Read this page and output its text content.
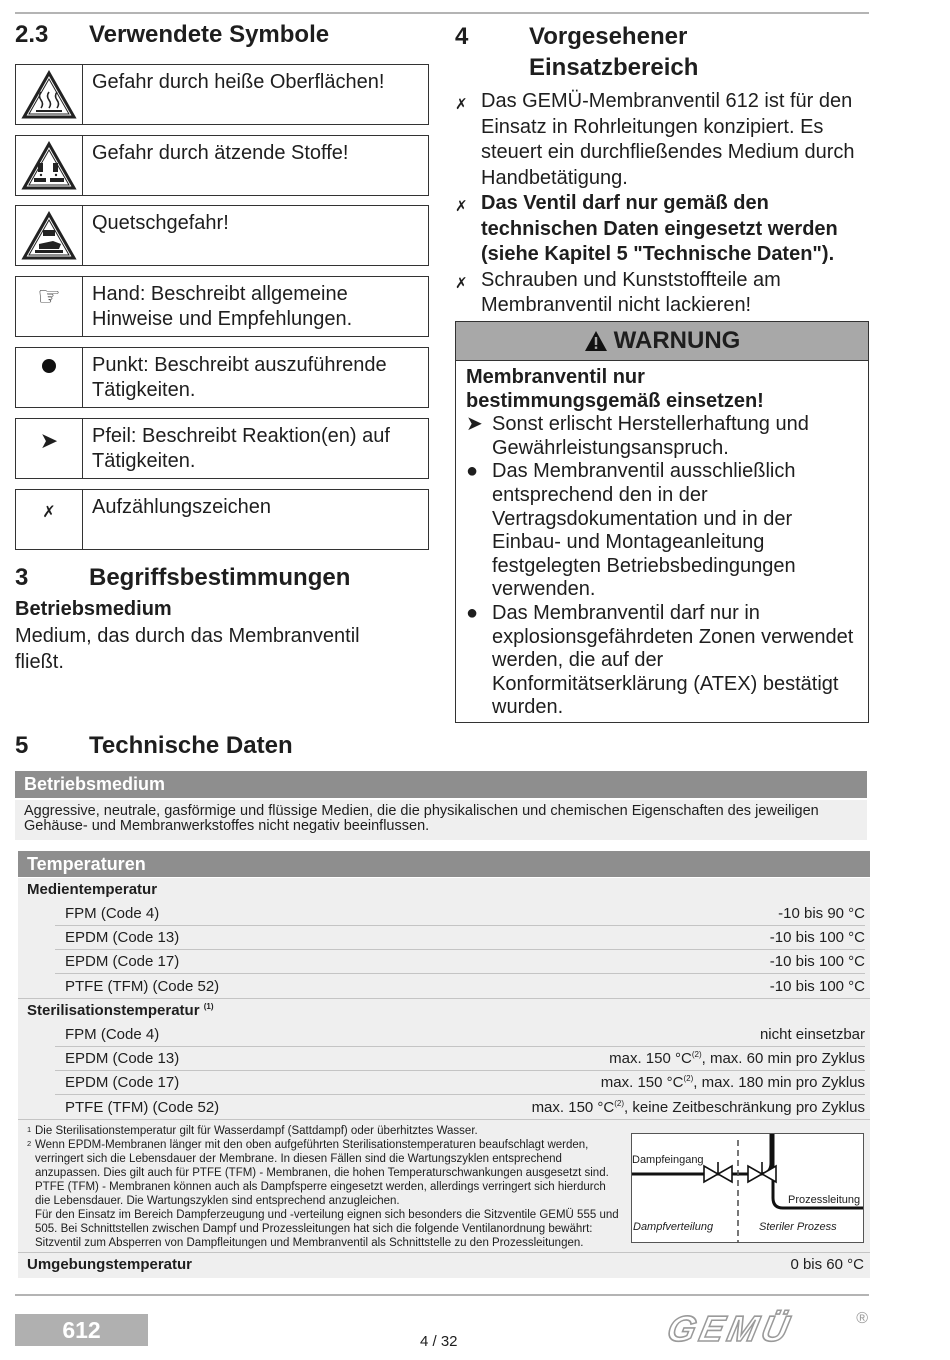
2.3 Verwendete Symbole
Gefahr durch heiße Oberflächen!
Gefahr durch ätzende Stoffe!
Quetschgefahr!
☞	Hand: Beschreibt allgemeine Hinweise und Empfehlungen.
Punkt: Beschreibt auszuführende Tätigkeiten.
➤	Pfeil: Beschreibt Reaktion(en) auf Tätigkeiten.
✗	Aufzählungszeichen
3	Begriffsbestimmungen
Betriebsmedium
Medium, das durch das Membranventil fließt.
4	Vorgesehener
Einsatzbereich
✗ Das GEMÜ-Membranventil 612 ist für den Einsatz in Rohrleitungen konzipiert. Es steuert ein durchfließendes Medium durch Handbetätigung.
✗ Das Ventil darf nur gemäß den technischen Daten eingesetzt werden (siehe Kapitel 5 "Technische Daten").
✗ Schrauben und Kunststoffteile am Membranventil nicht lackieren!
WARNUNG
Membranventil nur bestimmungsgemäß einsetzen!
➤ Sonst erlischt Herstellerhaftung und Gewährleistungsanspruch.
● Das Membranventil ausschließlich entsprechend den in der Vertragsdokumentation und in der Einbau- und Montageanleitung festgelegten Betriebsbedingungen verwenden.
● Das Membranventil darf nur in explosionsgefährdeten Zonen verwendet werden, die auf der Konformitätserklärung (ATEX) bestätigt wurden.
5	Technische Daten
Betriebsmedium
Aggressive, neutrale, gasförmige und flüssige Medien, die die physikalischen und chemischen Eigenschaften des jeweiligen Gehäuse- und Membranwerkstoffes nicht negativ beeinflussen.
Temperaturen
Medientemperatur
FPM (Code 4)	-10 bis 90 °C
EPDM (Code 13)	-10 bis 100 °C
EPDM (Code 17)	-10 bis 100 °C
PTFE (TFM) (Code 52)	-10 bis 100 °C
Sterilisationstemperatur $^{(1)}$
FPM (Code 4)	nicht einsetzbar
EPDM (Code 13)	max. 150 $^\circ C^{(2)}$, max. 60 min pro Zyklus
EPDM (Code 17)	max. 150 $^\circ C^{(2)}$, max. 180 min pro Zyklus
PTFE (TFM) (Code 52)	max. 150 $^\circ C^{(2)}$, keine Zeitbeschränkung pro Zyklus

1 Die Sterilisationstemperatur gilt für Wasserdampf (Sattdampf) oder überhitztes Wasser.

2 Wenn EPDM-Membranen länger mit den oben aufgeführten Sterilisationstemperaturen beaufschlagt werden, verringert sich die Lebensdauer der Membrane. In diesen Fällen sind die Wartungszyklen entsprechend anzupassen. Dies gilt auch für PTFE (TFM) - Membranen, die hohen Temperaturschwankungen ausgesetzt sind. PTFE (TFM) - Membranen können auch als Dampfsperre eingesetzt werden, allerdings verringert sich hierdurch die Lebensdauer. Die Wartungszyklen sind entsprechend anzugleichen.

Für den Einsatz im Bereich Dampferzeugung und -verteilung eignen sich besonders die Sitzventile GEMÜ 555 und 505. Bei Schnittstellen zwischen Dampf und Prozessleitungen hat sich die folgende Ventilanordnung bewährt: Sitzventil zum Absperren von Dampfleitungen und Membranventil als Schnittstelle zu den Prozessleitungen.

Dampfeingang
Prozessleitung
Dampfverteilung	Steriler Prozess
Umgebungstemperatur	0 bis 60 °C
612	4 / 32	GEMÜ	®
